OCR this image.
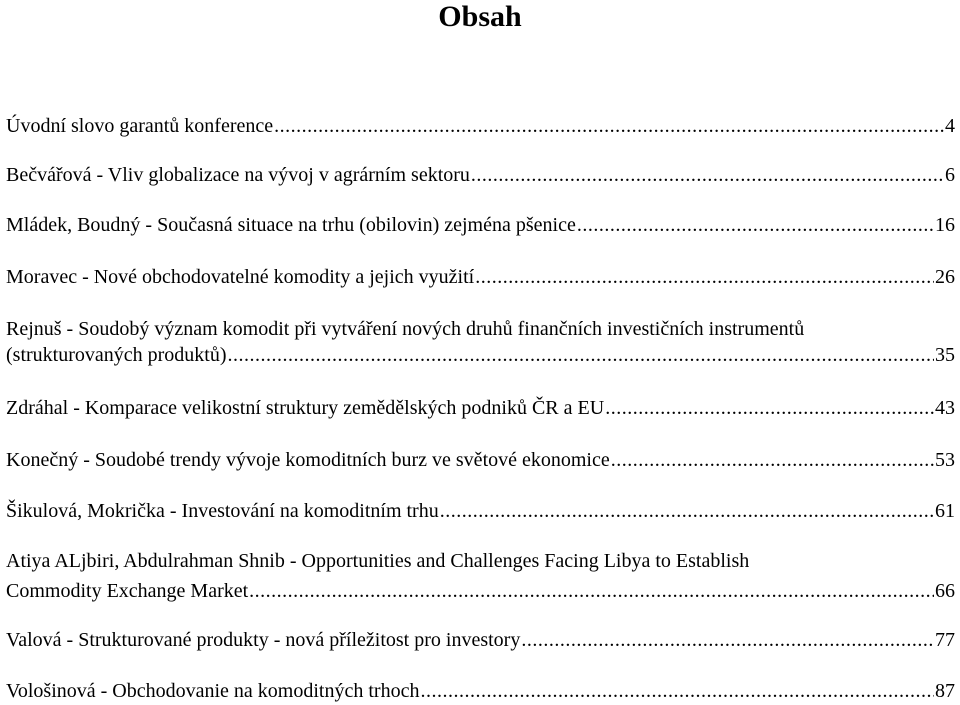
Obsah
Úvodní slovo garantů konference .....	4
Bečvářová - Vliv globalizace na vývoj v agrárním sektoru .....	6
Mládek, Boudný - Současná situace na trhu (obilovin) zejména pšenice .....	16
Moravec - Nové obchodovatelné komodity a jejich využití .....	26
Rejnuš - Soudobý význam komodit při vytváření nových druhů finančních investičních instrumentů
(strukturovaných produktů) .....	35
Zdráhal - Komparace velikostní struktury zemědělských podniků ČR a EU .....	43
Konečný - Soudobé trendy vývoje komoditních burz ve světové ekonomice .....	53
Šikulová, Mokrička - Investování na komoditním trhu .....	61
Atiya ALjbiri, Abdulrahman Shnib - Opportunities and Challenges Facing Libya to Establish
Commodity Exchange Market .....	66
Valová - Strukturované produkty - nová příležitost pro investory .....	77
Vološinová - Obchodovanie na komoditných trhoch .....	87
